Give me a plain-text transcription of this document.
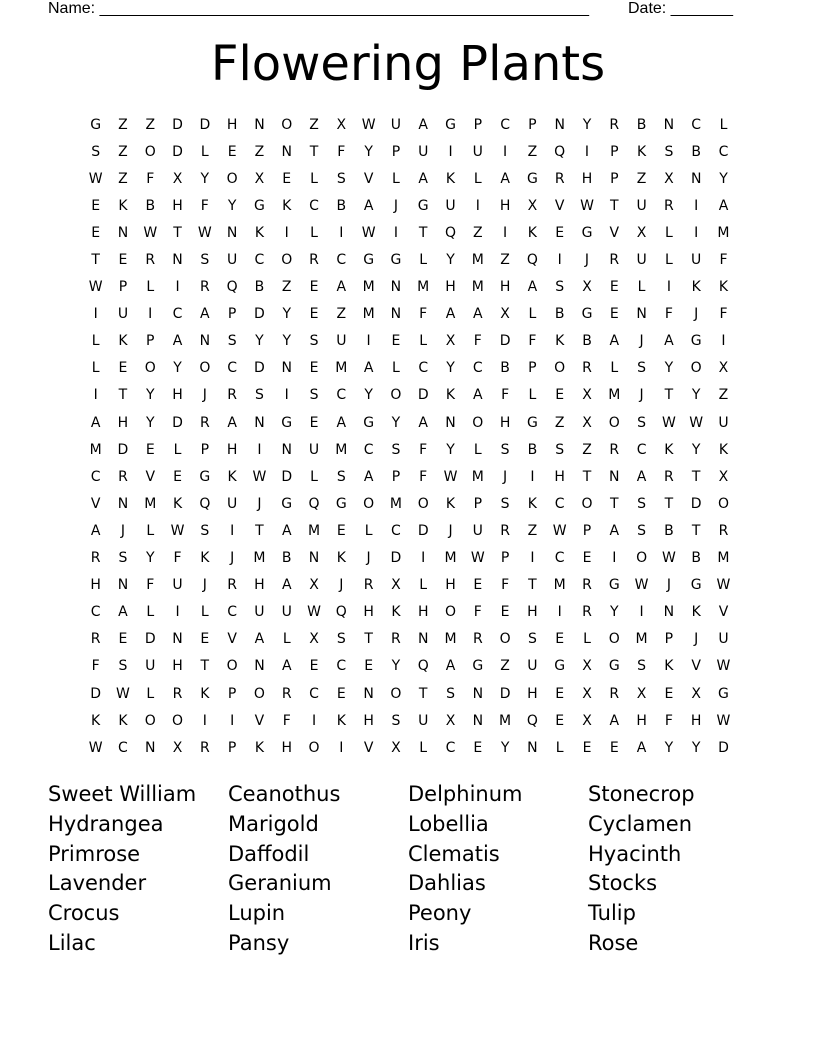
Name: _______________________________________________________ Date: _______
Flowering Plants
G	Z	Z	D	D	H	N	O	Z	X	W	U	A	G	P	C	P	N	Y	R	B	N	C	L
S	Z	O	D	L	E	Z	N	T	F	Y	P	U	I	U	I	Z	Q	I	P	K	S	B	C
W	Z	F	X	Y	O	X	E	L	S	V	L	A	K	L	A	G	R	H	P	Z	X	N	Y
E	K	B	H	F	Y	G	K	C	B	A	J	G	U	I	H	X	V	W	T	U	R	I	A
E	N	W	T	W	N	K	I	L	I	W	I	T	Q	Z	I	K	E	G	V	X	L	I	M
T	E	R	N	S	U	C	O	R	C	G	G	L	Y	M	Z	Q	I	J	R	U	L	U	F
W	P	L	I	R	Q	B	Z	E	A	M	N	M	H	M	H	A	S	X	E	L	I	K	K
I	U	I	C	A	P	D	Y	E	Z	M	N	F	A	A	X	L	B	G	E	N	F	J	F
L	K	P	A	N	S	Y	Y	S	U	I	E	L	X	F	D	F	K	B	A	J	A	G	I
L	E	O	Y	O	C	D	N	E	M	A	L	C	Y	C	B	P	O	R	L	S	Y	O	X
I	T	Y	H	J	R	S	I	S	C	Y	O	D	K	A	F	L	E	X	M	J	T	Y	Z
A	H	Y	D	R	A	N	G	E	A	G	Y	A	N	O	H	G	Z	X	O	S	W W	U
M	D	E	L	P	H	I	N	U	M	C	S	F	Y	L	S	B	S	Z	R	C	K	Y	K
C	R	V	E	G	K	W	D	L	S	A	P	F	W	M	J	I	H	T	N	A	R	T	X
V	N	M	K	Q	U	J	G	Q	G	O	M	O	K	P	S	K	C	O	T	S	T	D	O
A	J	L	W	S	I	T	A	M	E	L	C	D	J	U	R	Z	W	P	A	S	B	T	R
R	S	Y	F	K	J	M	B	N	K	J	D	I	M	W	P	I	C	E	I	O	W	B	M
H	N	F	U	J	R	H	A	X	J	R	X	L	H	E	F	T	M	R	G	W	J	G	W
C	A	L	I	L	C	U	U	W	Q	H	K	H	O	F	E	H	I	R	Y	I	N	K	V
R	E	D	N	E	V	A	L	X	S	T	R	N	M	R	O	S	E	L	O	M	P	J	U
F	S	U	H	T	O	N	A	E	C	E	Y	Q	A	G	Z	U	G	X	G	S	K	V	W
D	W	L	R	K	P	O	R	C	E	N	O	T	S	N	D	H	E	X	R	X	E	X	G
K	K	O	O	I	I	V	F	I	K	H	S	U	X	N	M	Q	E	X	A	H	F	H	W
W	C	N	X	R	P	K	H	O	I	V	X	L	C	E	Y	N	L	E	E	A	Y	Y	D
Sweet William	Ceanothus	Delphinum	Stonecrop
Hydrangea	Marigold	Lobellia	Cyclamen
Primrose	Daffodil	Clematis	Hyacinth
Lavender	Geranium	Dahlias	Stocks
Crocus	Lupin	Peony	Tulip
Lilac	Pansy	Iris	Rose
